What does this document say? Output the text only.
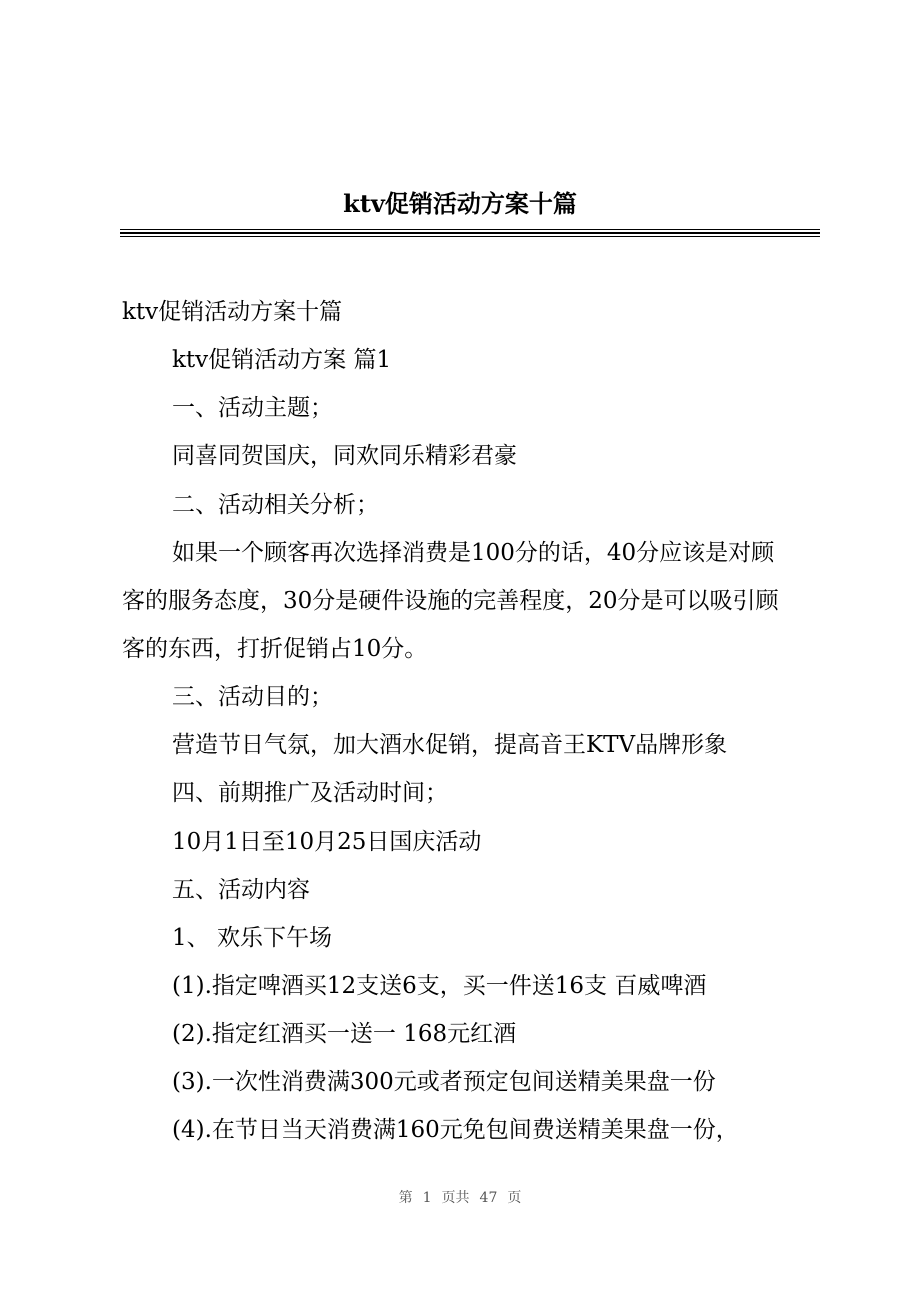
ktv促销活动方案十篇

ktv促销活动方案十篇

ktv促销活动方案 篇1

一、活动主题；

同喜同贺国庆，同欢同乐精彩君豪

二、活动相关分析；

如果一个顾客再次选择消费是100分的话，40分应该是对顾

客的服务态度，30分是硬件设施的完善程度，20分是可以吸引顾

客的东西，打折促销占10分。

三、活动目的；

营造节日气氛，加大酒水促销，提高音王KTV品牌形象

四、前期推广及活动时间；

10月1日至10月25日国庆活动

五、活动内容

1、 欢乐下午场

(1).指定啤酒买12支送6支，买一件送16支 百威啤酒

(2).指定红酒买一送一 168元红酒

(3).一次性消费满300元或者预定包间送精美果盘一份

(4).在节日当天消费满160元免包间费送精美果盘一份，

第 1 页共 47 页
